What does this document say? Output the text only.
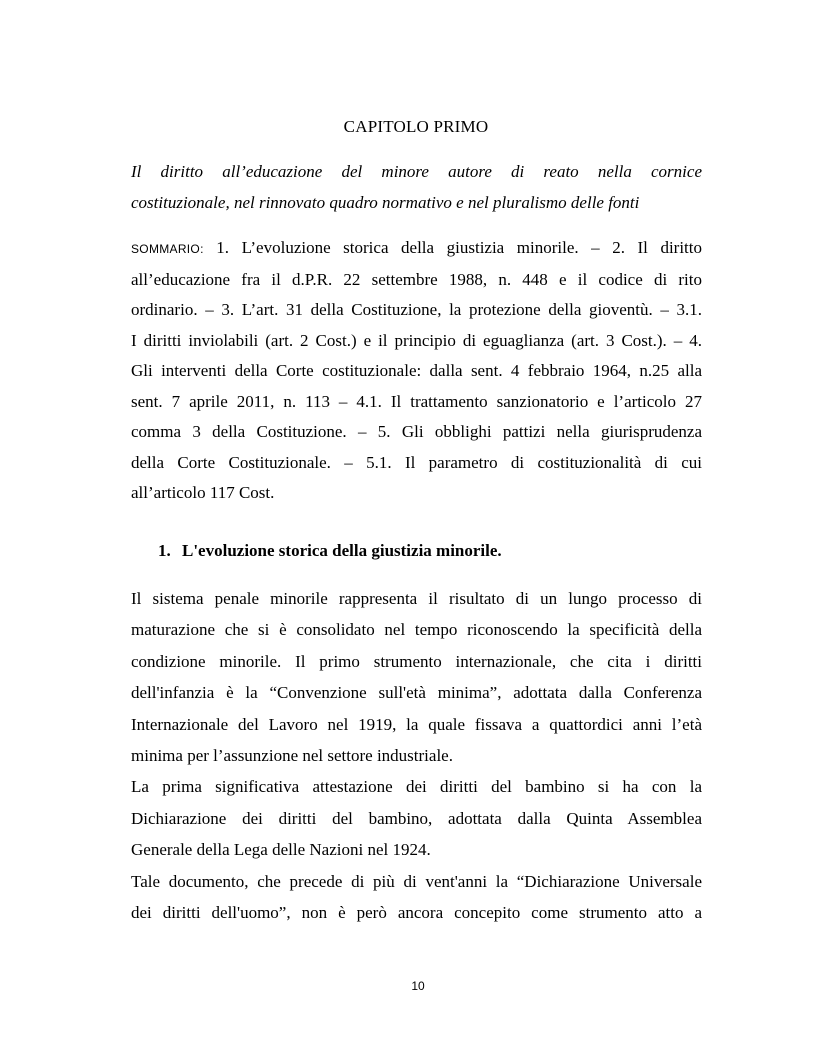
CAPITOLO PRIMO
Il diritto all’educazione del minore autore di reato nella cornice
costituzionale, nel rinnovato quadro normativo e nel pluralismo delle fonti
SOMMARIO: 1. L’evoluzione storica della giustizia minorile. – 2. Il diritto
all’educazione fra il d.P.R. 22 settembre 1988, n. 448 e il codice di rito
ordinario. – 3. L’art. 31 della Costituzione, la protezione della gioventù. – 3.1.
I diritti inviolabili (art. 2 Cost.) e il principio di eguaglianza (art. 3 Cost.). – 4.
Gli interventi della Corte costituzionale: dalla sent. 4 febbraio 1964, n.25 alla
sent. 7 aprile 2011, n. 113 – 4.1. Il trattamento sanzionatorio e l’articolo 27
comma 3 della Costituzione. – 5. Gli obblighi pattizi nella giurisprudenza
della Corte Costituzionale. – 5.1. Il parametro di costituzionalità di cui
all’articolo 117 Cost.
1. L'evoluzione storica della giustizia minorile.
Il sistema penale minorile rappresenta il risultato di un lungo processo di
maturazione che si è consolidato nel tempo riconoscendo la specificità della
condizione minorile. Il primo strumento internazionale, che cita i diritti
dell'infanzia è la “Convenzione sull'età minima”, adottata dalla Conferenza
Internazionale del Lavoro nel 1919, la quale fissava a quattordici anni l’età
minima per l’assunzione nel settore industriale.
La prima significativa attestazione dei diritti del bambino si ha con la
Dichiarazione dei diritti del bambino, adottata dalla Quinta Assemblea
Generale della Lega delle Nazioni nel 1924.
Tale documento, che precede di più di vent'anni la “Dichiarazione Universale
dei diritti dell'uomo”, non è però ancora concepito come strumento atto a
10
